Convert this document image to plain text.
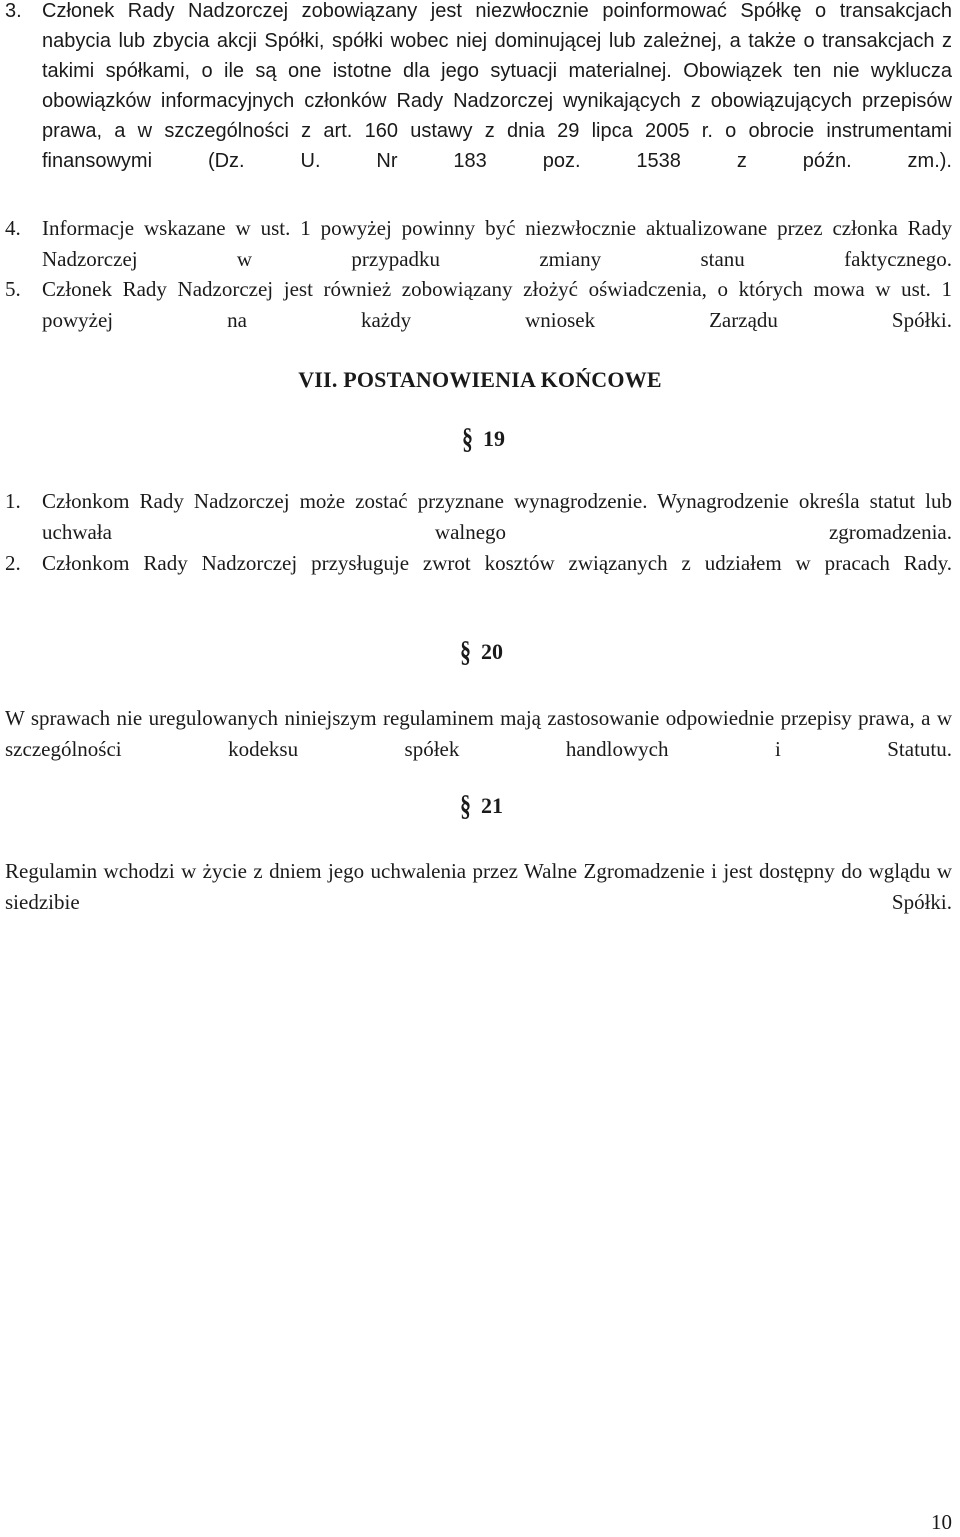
3. Członek Rady Nadzorczej zobowiązany jest niezwłocznie poinformować Spółkę o transakcjach nabycia lub zbycia akcji Spółki, spółki wobec niej dominującej lub zależnej, a także o transakcjach z takimi spółkami, o ile są one istotne dla jego sytuacji materialnej. Obowiązek ten nie wyklucza obowiązków informacyjnych członków Rady Nadzorczej wynikających z obowiązujących przepisów prawa, a w szczególności z art. 160 ustawy z dnia 29 lipca 2005 r. o obrocie instrumentami finansowymi (Dz. U. Nr 183 poz. 1538 z późn. zm.).
4. Informacje wskazane w ust. 1 powyżej powinny być niezwłocznie aktualizowane przez członka Rady Nadzorczej w przypadku zmiany stanu faktycznego.
5. Członek Rady Nadzorczej jest również zobowiązany złożyć oświadczenia, o których mowa w ust. 1 powyżej na każdy wniosek Zarządu Spółki.
VII. POSTANOWIENIA KOŃCOWE
§ 19
1. Członkom Rady Nadzorczej może zostać przyznane wynagrodzenie. Wynagrodzenie określa statut lub uchwała walnego zgromadzenia.
2. Członkom Rady Nadzorczej przysługuje zwrot kosztów związanych z udziałem w pracach Rady.
§ 20
W sprawach nie uregulowanych niniejszym regulaminem mają zastosowanie odpowiednie przepisy prawa, a w szczególności kodeksu spółek handlowych i Statutu.
§ 21
Regulamin wchodzi w życie z dniem jego uchwalenia przez Walne Zgromadzenie i jest dostępny do wglądu w siedzibie Spółki.
10
